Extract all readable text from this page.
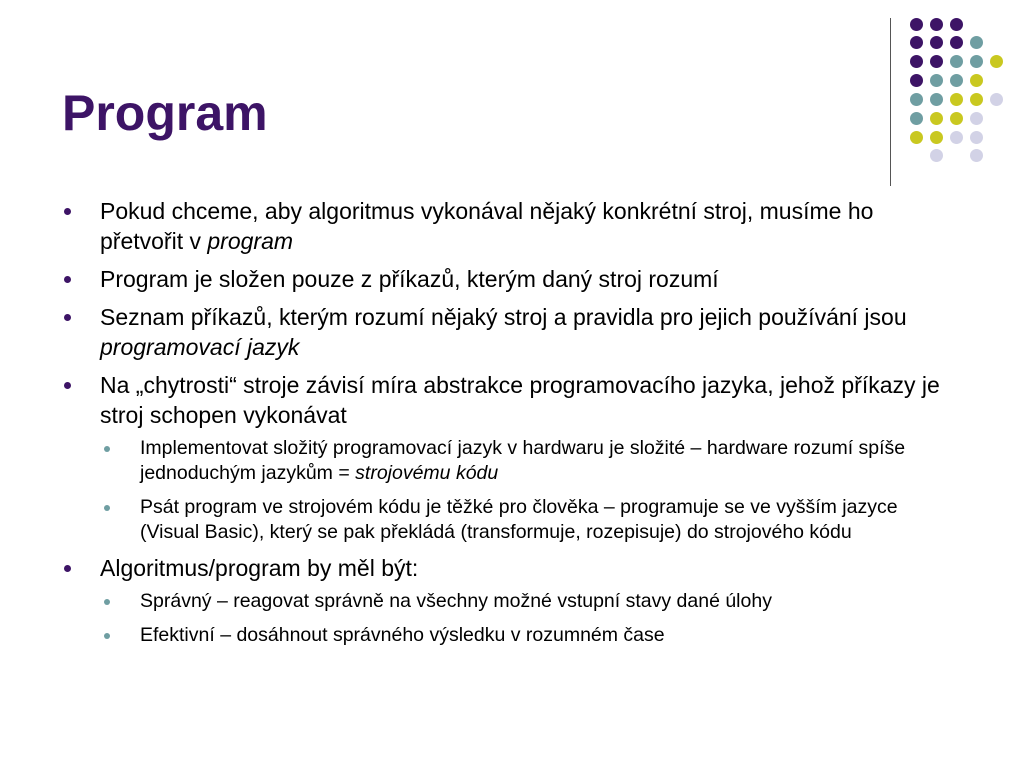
Program
Pokud chceme, aby algoritmus vykonával nějaký konkrétní stroj, musíme ho přetvořit v program
Program je složen pouze z příkazů, kterým daný stroj rozumí
Seznam příkazů, kterým rozumí nějaký stroj a pravidla pro jejich používání jsou programovací jazyk
Na „chytrosti“ stroje závisí míra abstrakce programovacího jazyka, jehož příkazy je stroj schopen vykonávat
Implementovat složitý programovací jazyk v hardwaru je složité – hardware rozumí spíše jednoduchým jazykům = strojovému kódu
Psát program ve strojovém kódu je těžké pro člověka – programuje se ve vyšším jazyce (Visual Basic), který se pak překládá (transformuje, rozepisuje) do strojového kódu
Algoritmus/program by měl být:
Správný – reagovat správně na všechny možné vstupní stavy dané úlohy
Efektivní – dosáhnout správného výsledku v rozumném čase
